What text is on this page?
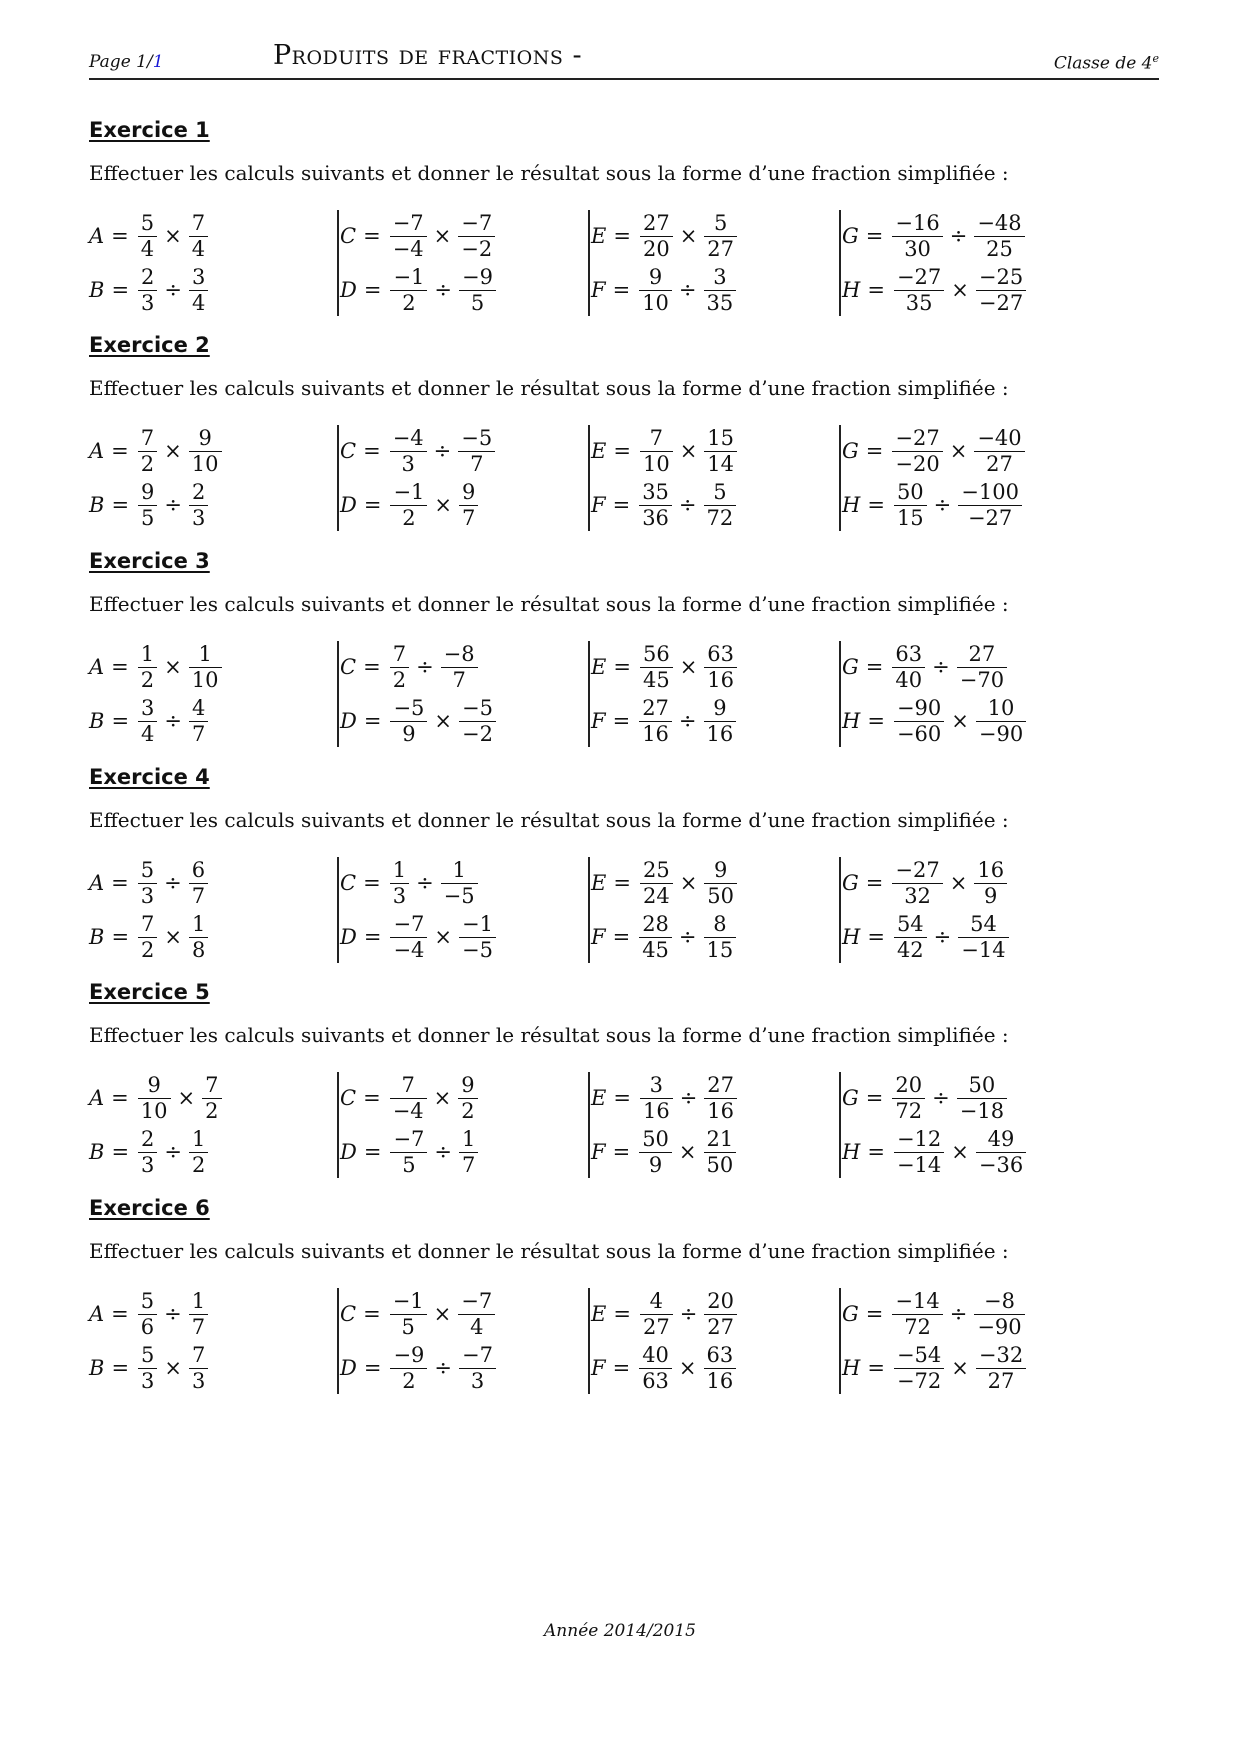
Page 1/1	Produits de fractions -	Classe de 4e
Exercice 1
Effectuer les calculs suivants et donner le résultat sous la forme d’une fraction simplifiée :
$A = \frac{5}{4} \times \frac{7}{4}$
$B = \frac{2}{3} \div \frac{3}{4}$
$C = \frac{-7}{-4} \times \frac{-7}{-2}$
$D = \frac{-1}{2} \div \frac{-9}{5}$
$E = \frac{27}{20} \times \frac{5}{27}$
$F = \frac{9}{10} \div \frac{3}{35}$
$G = \frac{-16}{30} \div \frac{-48}{25}$
$H = \frac{-27}{35} \times \frac{-25}{-27}$
Exercice 2
Effectuer les calculs suivants et donner le résultat sous la forme d’une fraction simplifiée :
$A = \frac{7}{2} \times \frac{9}{10}$
$B = \frac{9}{5} \div \frac{2}{3}$
$C = \frac{-4}{3} \div \frac{-5}{7}$
$D = \frac{-1}{2} \times \frac{9}{7}$
$E = \frac{7}{10} \times \frac{15}{14}$
$F = \frac{35}{36} \div \frac{5}{72}$
$G = \frac{-27}{-20} \times \frac{-40}{27}$
$H = \frac{50}{15} \div \frac{-100}{-27}$
Exercice 3
Effectuer les calculs suivants et donner le résultat sous la forme d’une fraction simplifiée :
$A = \frac{1}{2} \times \frac{1}{10}$
$B = \frac{3}{4} \div \frac{4}{7}$
$C = \frac{7}{2} \div \frac{-8}{7}$
$D = \frac{-5}{9} \times \frac{-5}{-2}$
$E = \frac{56}{45} \times \frac{63}{16}$
$F = \frac{27}{16} \div \frac{9}{16}$
$G = \frac{63}{40} \div \frac{27}{-70}$
$H = \frac{-90}{-60} \times \frac{10}{-90}$
Exercice 4
Effectuer les calculs suivants et donner le résultat sous la forme d’une fraction simplifiée :
$A = \frac{5}{3} \div \frac{6}{7}$
$B = \frac{7}{2} \times \frac{1}{8}$
$C = \frac{1}{3} \div \frac{1}{-5}$
$D = \frac{-7}{-4} \times \frac{-1}{-5}$
$E = \frac{25}{24} \times \frac{9}{50}$
$F = \frac{28}{45} \div \frac{8}{15}$
$G = \frac{-27}{32} \times \frac{16}{9}$
$H = \frac{54}{42} \div \frac{54}{-14}$
Exercice 5
Effectuer les calculs suivants et donner le résultat sous la forme d’une fraction simplifiée :
$A = \frac{9}{10} \times \frac{7}{2}$
$B = \frac{2}{3} \div \frac{1}{2}$
$C = \frac{7}{-4} \times \frac{9}{2}$
$D = \frac{-7}{5} \div \frac{1}{7}$
$E = \frac{3}{16} \div \frac{27}{16}$
$F = \frac{50}{9} \times \frac{21}{50}$
$G = \frac{20}{72} \div \frac{50}{-18}$
$H = \frac{-12}{-14} \times \frac{49}{-36}$
Exercice 6
Effectuer les calculs suivants et donner le résultat sous la forme d’une fraction simplifiée :
$A = \frac{5}{6} \div \frac{1}{7}$
$B = \frac{5}{3} \times \frac{7}{3}$
$C = \frac{-1}{5} \times \frac{-7}{4}$
$D = \frac{-9}{2} \div \frac{-7}{3}$
$E = \frac{4}{27} \div \frac{20}{27}$
$F = \frac{40}{63} \times \frac{63}{16}$
$G = \frac{-14}{72} \div \frac{-8}{-90}$
$H = \frac{-54}{-72} \times \frac{-32}{27}$
Année 2014/2015
